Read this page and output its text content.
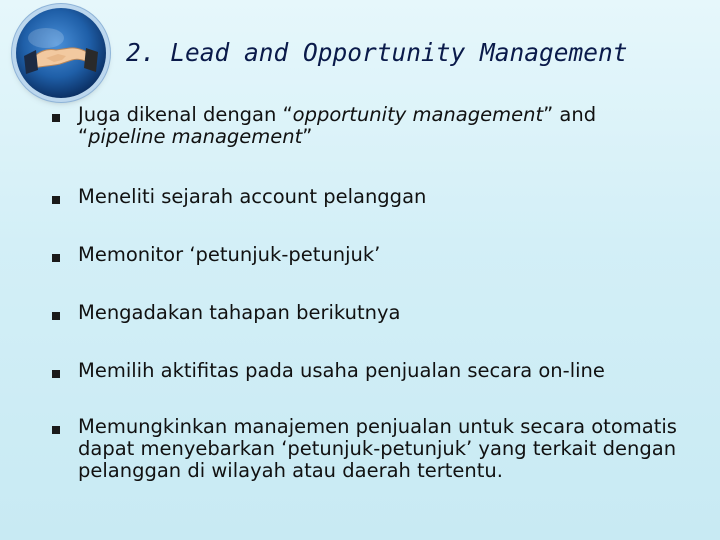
2. Lead and Opportunity Management
Juga dikenal dengan “opportunity management” and “pipeline management”
Meneliti sejarah account pelanggan
Memonitor ‘petunjuk-petunjuk’
Mengadakan tahapan berikutnya
Memilih aktifitas pada usaha penjualan secara on-line
Memungkinkan manajemen penjualan untuk secara otomatis dapat menyebarkan ‘petunjuk-petunjuk’ yang terkait dengan pelanggan di wilayah atau daerah tertentu.
